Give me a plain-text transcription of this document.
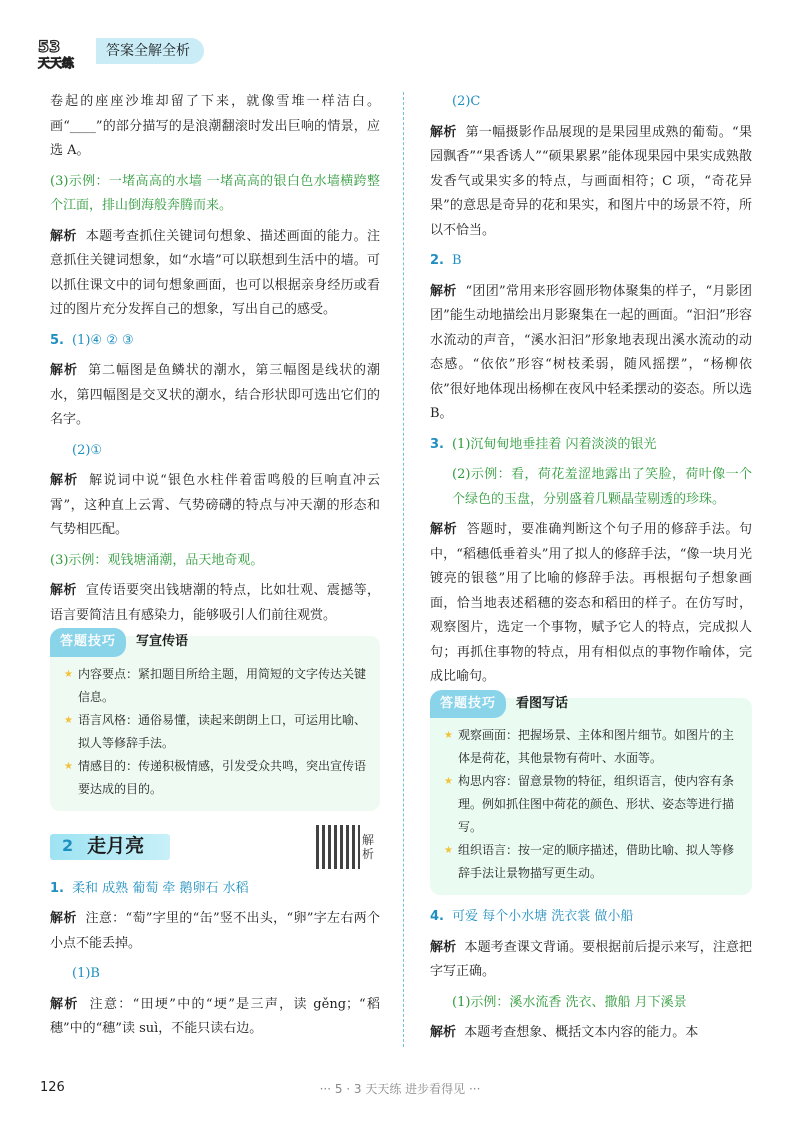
53
天天练
答案全解全析

卷起的座座沙堆却留了下来，就像雪堆一样洁白。画“____”的部分描写的是浪潮翻滚时发出巨响的情景，应选 A。

(3)示例：一堵高高的水墙 一堵高高的银白色水墙横跨整个江面，排山倒海般奔腾而来。

解析 本题考查抓住关键词句想象、描述画面的能力。注意抓住关键词想象，如“水墙”可以联想到生活中的墙。可以抓住课文中的词句想象画面，也可以根据亲身经历或看过的图片充分发挥自己的想象，写出自己的感受。

5. (1)④ ② ③

解析 第二幅图是鱼鳞状的潮水，第三幅图是线状的潮水，第四幅图是交叉状的潮水，结合形状即可选出它们的名字。

(2)①

解析 解说词中说“银色水柱伴着雷鸣般的巨响直冲云霄”，这种直上云霄、气势磅礴的特点与冲天潮的形态和气势相匹配。

(3)示例：观钱塘涌潮，品天地奇观。

解析 宣传语要突出钱塘潮的特点，比如壮观、震撼等，语言要简洁且有感染力，能够吸引人们前往观赏。

答题技巧	写宣传语
★ 内容要点：紧扣题目所给主题，用简短的文字传达关键信息。
★ 语言风格：通俗易懂，读起来朗朗上口，可运用比喻、拟人等修辞手法。
★ 情感目的：传递积极情感，引发受众共鸣，突出宣传语要达成的目的。
2 走月亮	解析

1. 柔和 成熟 葡萄 牵 鹅卵石 水稻

解析 注意：“萄”字里的“缶”竖不出头，“卵”字左右两个小点不能丢掉。

(1)B

解析 注意：“田埂”中的“埂”是三声，读 gěng；“稻穗”中的“穗”读 suì，不能只读右边。

(2)C

解析 第一幅摄影作品展现的是果园里成熟的葡萄。“果园飘香”“果香诱人”“硕果累累”能体现果园中果实成熟散发香气或果实多的特点，与画面相符；C 项，“奇花异果”的意思是奇异的花和果实，和图片中的场景不符，所以不恰当。

2. B

解析 “团团”常用来形容圆形物体聚集的样子，“月影团团”能生动地描绘出月影聚集在一起的画面。“汩汩”形容水流动的声音，“溪水汩汩”形象地表现出溪水流动的动态感。“依依”形容“树枝柔弱，随风摇摆”，“杨柳依依”很好地体现出杨柳在夜风中轻柔摆动的姿态。所以选 B。

3. (1)沉甸甸地垂挂着 闪着淡淡的银光

(2)示例：看，荷花羞涩地露出了笑脸，荷叶像一个个绿色的玉盘，分别盛着几颗晶莹剔透的珍珠。

解析 答题时，要准确判断这个句子用的修辞手法。句中，“稻穗低垂着头”用了拟人的修辞手法，“像一块月光镀亮的银毯”用了比喻的修辞手法。再根据句子想象画面，恰当地表述稻穗的姿态和稻田的样子。在仿写时，观察图片，选定一个事物，赋予它人的特点，完成拟人句；再抓住事物的特点，用有相似点的事物作喻体，完成比喻句。

答题技巧	看图写话
★ 观察画面：把握场景、主体和图片细节。如图片的主体是荷花，其他景物有荷叶、水面等。
★ 构思内容：留意景物的特征，组织语言，使内容有条理。例如抓住图中荷花的颜色、形状、姿态等进行描写。
★ 组织语言：按一定的顺序描述，借助比喻、拟人等修辞手法让景物描写更生动。

4. 可爱 每个小水塘 洗衣裳 做小船

解析 本题考查课文背诵。要根据前后提示来写，注意把字写正确。

(1)示例：溪水流香 洗衣、撒船 月下溪景

解析 本题考查想象、概括文本内容的能力。本

126	··· 5 · 3 天天练 进步看得见 ···
